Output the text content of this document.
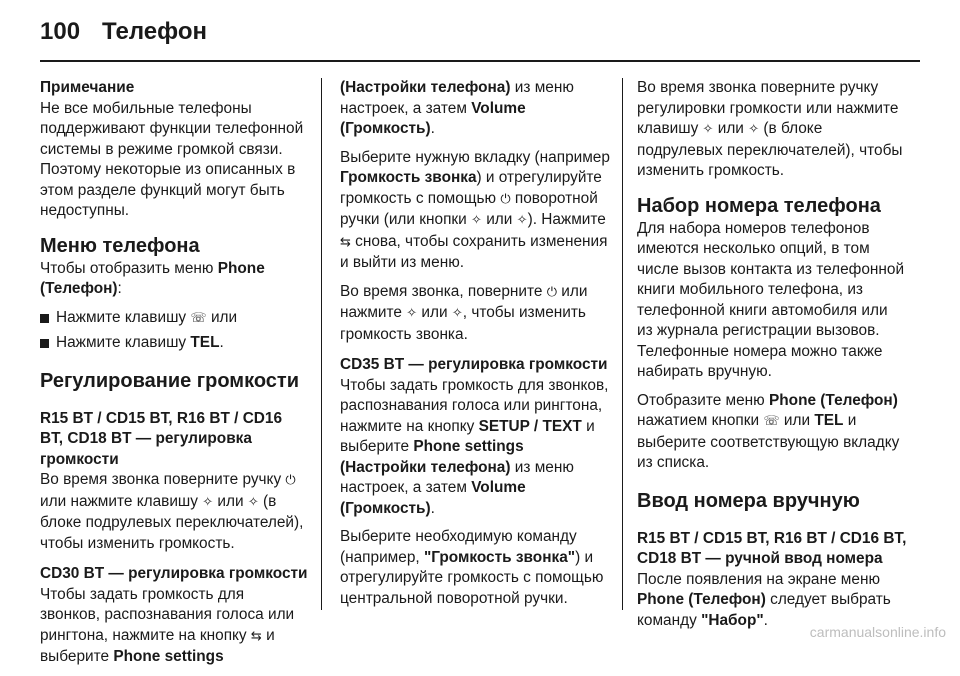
100 Телефон

Примечание
Не все мобильные телефоны поддерживают функции телефонной системы в режиме громкой связи. Поэтому некоторые из описанных в этом разделе функций могут быть недоступны.

Меню телефона

Чтобы отобразить меню Phone (Телефон):

Нажмите клавишу ☏ или
Нажмите клавишу TEL.
Регулирование громкости
R15 BT / CD15 BT, R16 BT / CD16 BT, CD18 BT — регулировка громкости

Во время звонка поверните ручку ⏻ или нажмите клавишу ✧ или ✧ (в блоке подрулевых переключателей), чтобы изменить громкость.

CD30 BT — регулировка громкости

Чтобы задать громкость для звонков, распознавания голоса или рингтона, нажмите на кнопку ⇆ и выберите Phone settings

(Настройки телефона) из меню настроек, а затем Volume (Громкость).

Выберите нужную вкладку (например Громкость звонка) и отрегулируйте громкость с помощью ⏻ поворотной ручки (или кнопки ✧ или ✧). Нажмите ⇆ снова, чтобы сохранить изменения и выйти из меню.

Во время звонка, поверните ⏻ или нажмите ✧ или ✧, чтобы изменить громкость звонка.

CD35 BT — регулировка громкости

Чтобы задать громкость для звонков, распознавания голоса или рингтона, нажмите на кнопку SETUP / TEXT и выберите Phone settings (Настройки телефона) из меню настроек, а затем Volume (Громкость).

Выберите необходимую команду (например, "Громкость звонка") и отрегулируйте громкость с помощью центральной поворотной ручки.

Во время звонка поверните ручку регулировки громкости или нажмите клавишу ✧ или ✧ (в блоке подрулевых переключателей), чтобы изменить громкость.

Набор номера телефона

Для набора номеров телефонов имеются несколько опций, в том числе вызов контакта из телефонной книги мобильного телефона, из телефонной книги автомобиля или из журнала регистрации вызовов. Телефонные номера можно также набирать вручную.

Отобразите меню Phone (Телефон) нажатием кнопки ☏ или TEL и выберите соответствующую вкладку из списка.

Ввод номера вручную
R15 BT / CD15 BT, R16 BT / CD16 BT, CD18 BT — ручной ввод номера

После появления на экране меню Phone (Телефон) следует выбрать команду "Набор".

carmanualsonline.info
